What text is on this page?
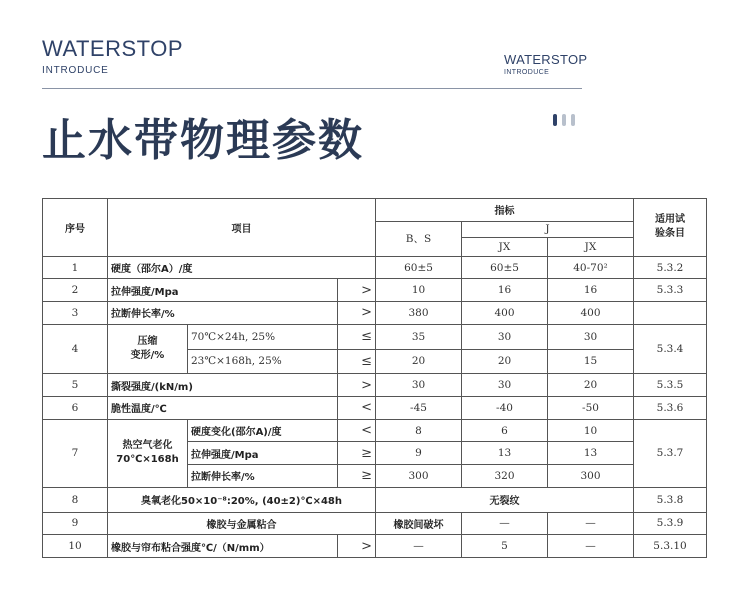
WATERSTOP
INTRODUCE
WATERSTOP
INTRODUCE
止水带物理参数
序号	项目			指标			适用试
验条目
				B、S	J		
					JX	JX	
1	硬度（邵尔A）/度			60±5	60±5	40-70²	5.3.2
2	拉伸强度/Mpa		>	10	16	16	5.3.3
3	拉断伸长率/%		>	380	400	400	
4	压缩
变形/%	70℃×24h, 25%	≤	35	30	30	5.3.4
		23℃×168h, 25%	≤	20	20	15	
5	撕裂强度/(kN/m)		>	30	30	20	5.3.5
6	脆性温度/℃		<	-45	-40	-50	5.3.6
7	热空气老化
70℃×168h	硬度变化(邵尔A)/度	<	8	6	10	5.3.7
		拉伸强度/Mpa	≥	9	13	13	
		拉断伸长率/%	≥	300	320	300	
8	臭氧老化50×10⁻⁸:20%, (40±2)℃×48h			无裂纹			5.3.8
9	橡胶与金属粘合			橡胶间破坏	—	—	5.3.9
10	橡胶与帘布粘合强度℃/（N/mm）		>	—	5	—	5.3.10
